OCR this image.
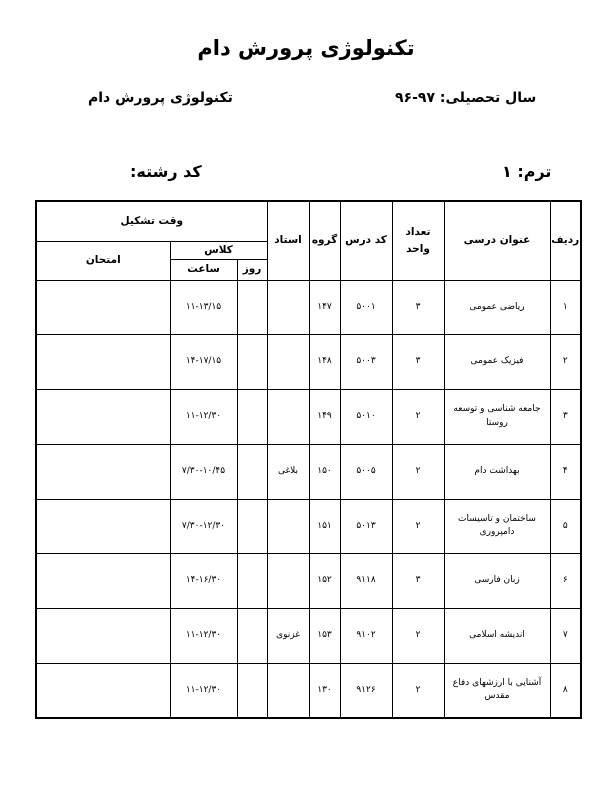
تکنولوژی پرورش دام
سال تحصیلی: ۹۷-۹۶
تکنولوژی پرورش دام
ترم: ۱
کد رشته:
ردیف	عنوان درسی	تعداد واحد	کد درس	گروه	استاد	وقت تشکیل		
						کلاس		امتحان
						روز	ساعت	
۱	ریاضی عمومی	۳	۵۰۰۱	۱۴۷			۱۱-۱۳/۱۵	
۲	فیزیک عمومی	۳	۵۰۰۳	۱۴۸			۱۴-۱۷/۱۵	
۳	جامعه شناسی و توسعه روستا	۲	۵۰۱۰	۱۴۹			۱۱-۱۲/۳۰	
۴	بهداشت دام	۲	۵۰۰۵	۱۵۰	بلاغی		۷/۳۰-۱۰/۴۵	
۵	ساختمان و تاسیسات دامپروری	۲	۵۰۱۳	۱۵۱			۷/۳۰-۱۲/۳۰	
۶	زبان فارسی	۳	۹۱۱۸	۱۵۲			۱۴-۱۶/۳۰	
۷	اندیشه اسلامی	۲	۹۱۰۲	۱۵۳	غزنوی		۱۱-۱۲/۳۰	
۸	آشنایی با ارزشهای دفاع مقدس	۲	۹۱۲۶	۱۳۰			۱۱-۱۲/۳۰	
